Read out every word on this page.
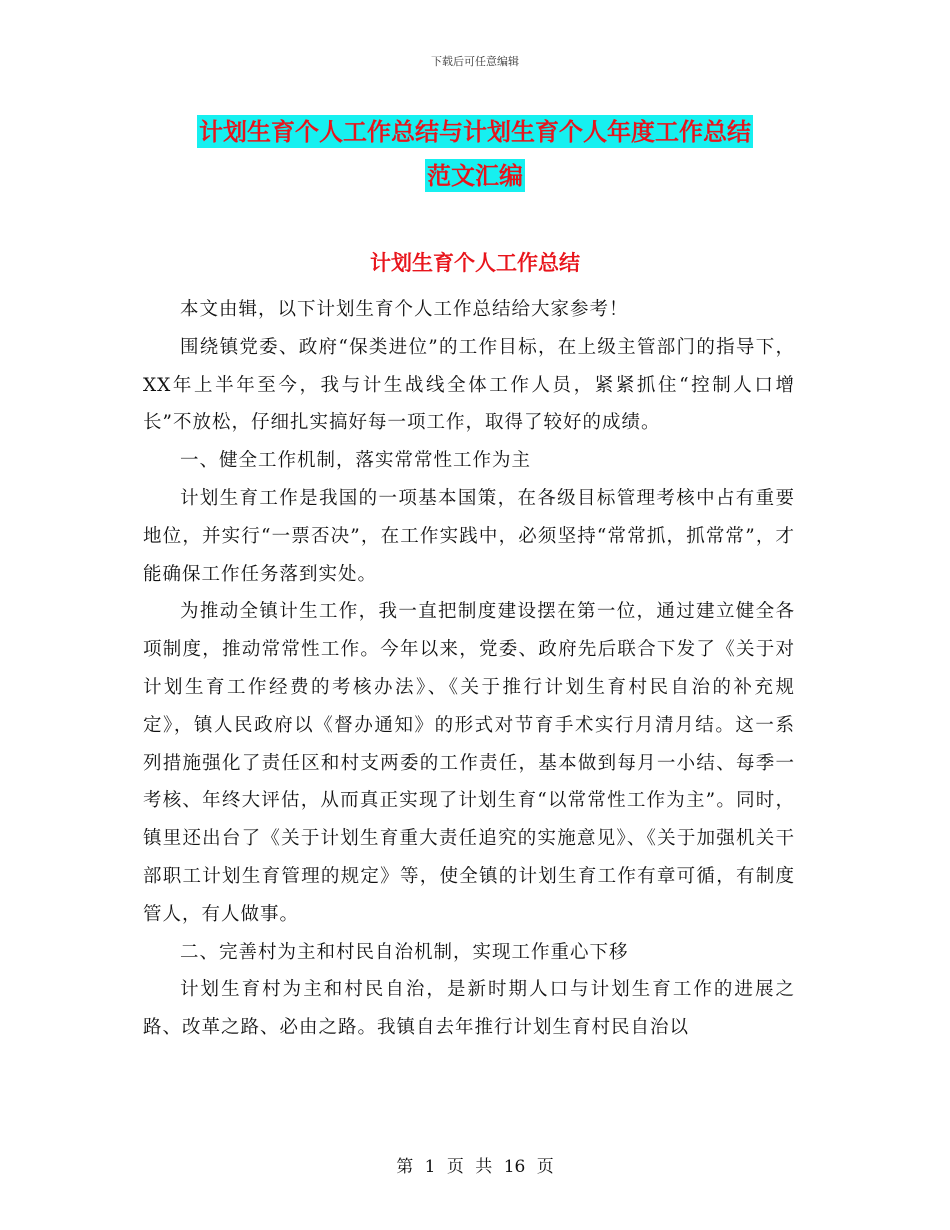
下载后可任意编辑
计划生育个人工作总结与计划生育个人年度工作总结
范文汇编
计划生育个人工作总结

本文由辑，以下计划生育个人工作总结给大家参考！

围绕镇党委、政府“保类进位”的工作目标，在上级主管部门的指导下，XX年上半年至今，我与计生战线全体工作人员，紧紧抓住“控制人口增长”不放松，仔细扎实搞好每一项工作，取得了较好的成绩。

一、健全工作机制，落实常常性工作为主

计划生育工作是我国的一项基本国策，在各级目标管理考核中占有重要地位，并实行“一票否决”，在工作实践中，必须坚持“常常抓，抓常常”，才能确保工作任务落到实处。

为推动全镇计生工作，我一直把制度建设摆在第一位，通过建立健全各项制度，推动常常性工作。今年以来，党委、政府先后联合下发了《关于对计划生育工作经费的考核办法》、《关于推行计划生育村民自治的补充规定》，镇人民政府以《督办通知》的形式对节育手术实行月清月结。这一系列措施强化了责任区和村支两委的工作责任，基本做到每月一小结、每季一考核、年终大评估，从而真正实现了计划生育“以常常性工作为主”。同时，镇里还出台了《关于计划生育重大责任追究的实施意见》、《关于加强机关干部职工计划生育管理的规定》等，使全镇的计划生育工作有章可循，有制度管人，有人做事。

二、完善村为主和村民自治机制，实现工作重心下移

计划生育村为主和村民自治，是新时期人口与计划生育工作的进展之路、改革之路、必由之路。我镇自去年推行计划生育村民自治以

第 1 页 共 16 页
